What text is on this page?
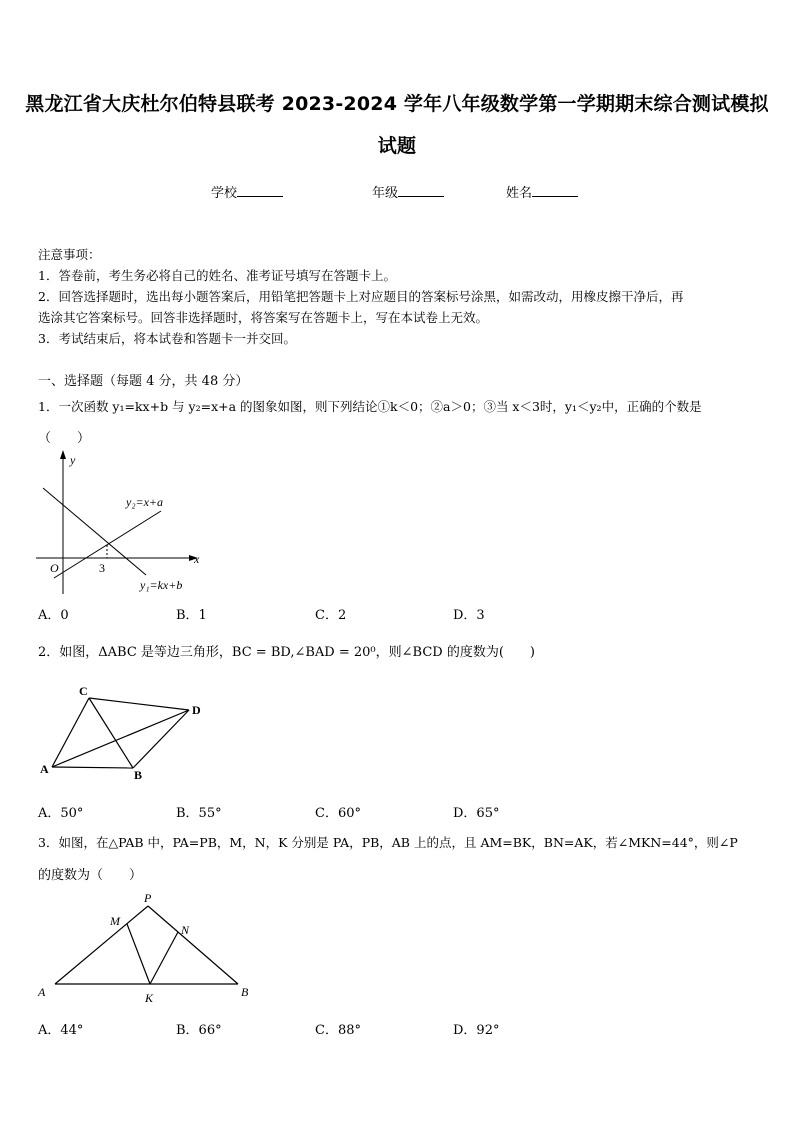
黑龙江省大庆杜尔伯特县联考 2023-2024 学年八年级数学第一学期期末综合测试模拟
试题
学校	年级	姓名
注意事项：
1．答卷前，考生务必将自己的姓名、准考证号填写在答题卡上。
2．回答选择题时，选出每小题答案后，用铅笔把答题卡上对应题目的答案标号涂黑，如需改动，用橡皮擦干净后，再
选涂其它答案标号。回答非选择题时，将答案写在答题卡上，写在本试卷上无效。
3．考试结束后，将本试卷和答题卡一并交回。
一、选择题（每题 4 分，共 48 分）
1．一次函数 y₁=kx+b 与 y₂=x+a 的图象如图，则下列结论①k＜0；②a＞0；③当 x＜3时，y₁＜y₂中，正确的个数是
（　　）
y
x
O	3
y₂=x+a
y₁=kx+b
A．0	B．1	C．2	D．3
2．如图，ΔABC 是等边三角形，BC = BD,∠BAD = 20⁰，则∠BCD 的度数为(　　)
C
D
A	B
A．50°	B．55°	C．60°	D．65°
3．如图，在△PAB 中，PA=PB，M，N，K 分别是 PA，PB，AB 上的点，且 AM=BK，BN=AK，若∠MKN=44°，则∠P
的度数为（　　）
P
M
N
A	K	B
A．44°	B．66°	C．88°	D．92°
